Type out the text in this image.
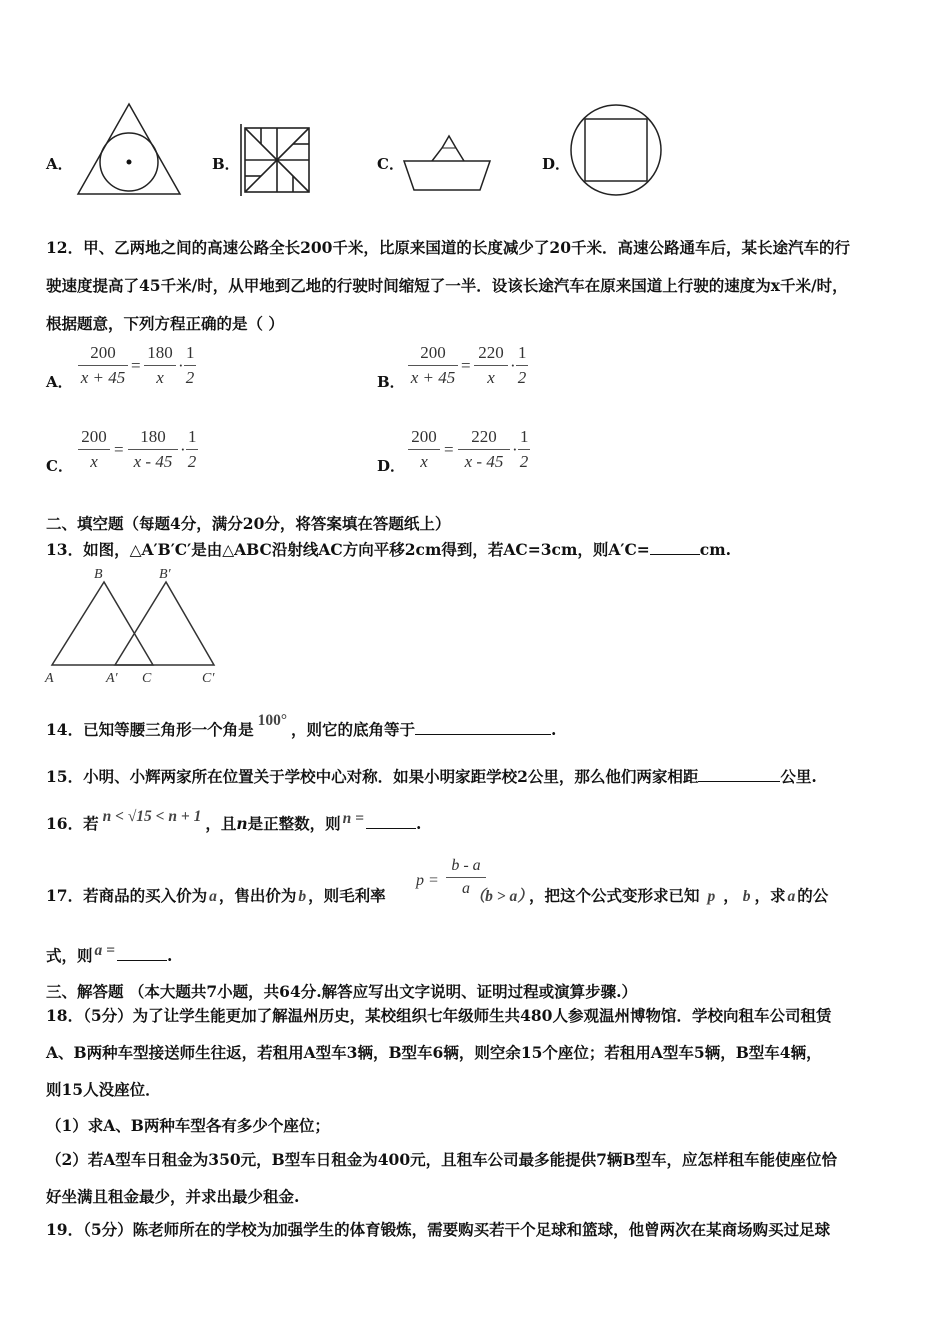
A．	B．	C．	D．
12．甲、乙两地之间的高速公路全长200千米，比原来国道的长度减少了20千米．高速公路通车后，某长途汽车的行
驶速度提高了45千米/时，从甲地到乙地的行驶时间缩短了一半．设该长途汽车在原来国道上行驶的速度为x千米/时，
根据题意，下列方程正确的是（ ）
A． $\frac{200}{x + 45} = \frac{180}{x} \cdot \frac{1}{2}$	B． $\frac{200}{x + 45} = \frac{220}{x} \cdot \frac{1}{2}$
C． $\frac{200}{x} = \frac{180}{x - 45} \cdot \frac{1}{2}$	D． $\frac{200}{x} = \frac{220}{x - 45} \cdot \frac{1}{2}$
二、填空题（每题4分，满分20分，将答案填在答题纸上）
13．如图，△A′B′C′是由△ABC沿射线AC方向平移2cm得到，若AC=3cm，则A′C=	cm.
B	B′
A	A′ C	C′
14．已知等腰三角形一个角是 100° ，则它的底角等于	.
15．小明、小辉两家所在位置关于学校中心对称．如果小明家距学校2公里，那么他们两家相距	公里.
16．若 n < √15 < n + 1 ，且n是正整数，则 n =	.
17．若商品的买入价为 a ，售出价为 b ，则毛利率	（b > a） ，把这个公式变形求已知 p ， b ，求 a 的公
$p = \frac{b - a}{a}$
式，则 a =	.
三、解答题 （本大题共7小题，共64分.解答应写出文字说明、证明过程或演算步骤.）
18．（5分）为了让学生能更加了解温州历史，某校组织七年级师生共480人参观温州博物馆．学校向租车公司租赁
A、B两种车型接送师生往返，若租用A型车3辆，B型车6辆，则空余15个座位；若租用A型车5辆，B型车4辆，
则15人没座位．
（1）求A、B两种车型各有多少个座位；
（2）若A型车日租金为350元，B型车日租金为400元，且租车公司最多能提供7辆B型车，应怎样租车能使座位恰
好坐满且租金最少，并求出最少租金.
19．（5分）陈老师所在的学校为加强学生的体育锻炼，需要购买若干个足球和篮球，他曾两次在某商场购买过足球
